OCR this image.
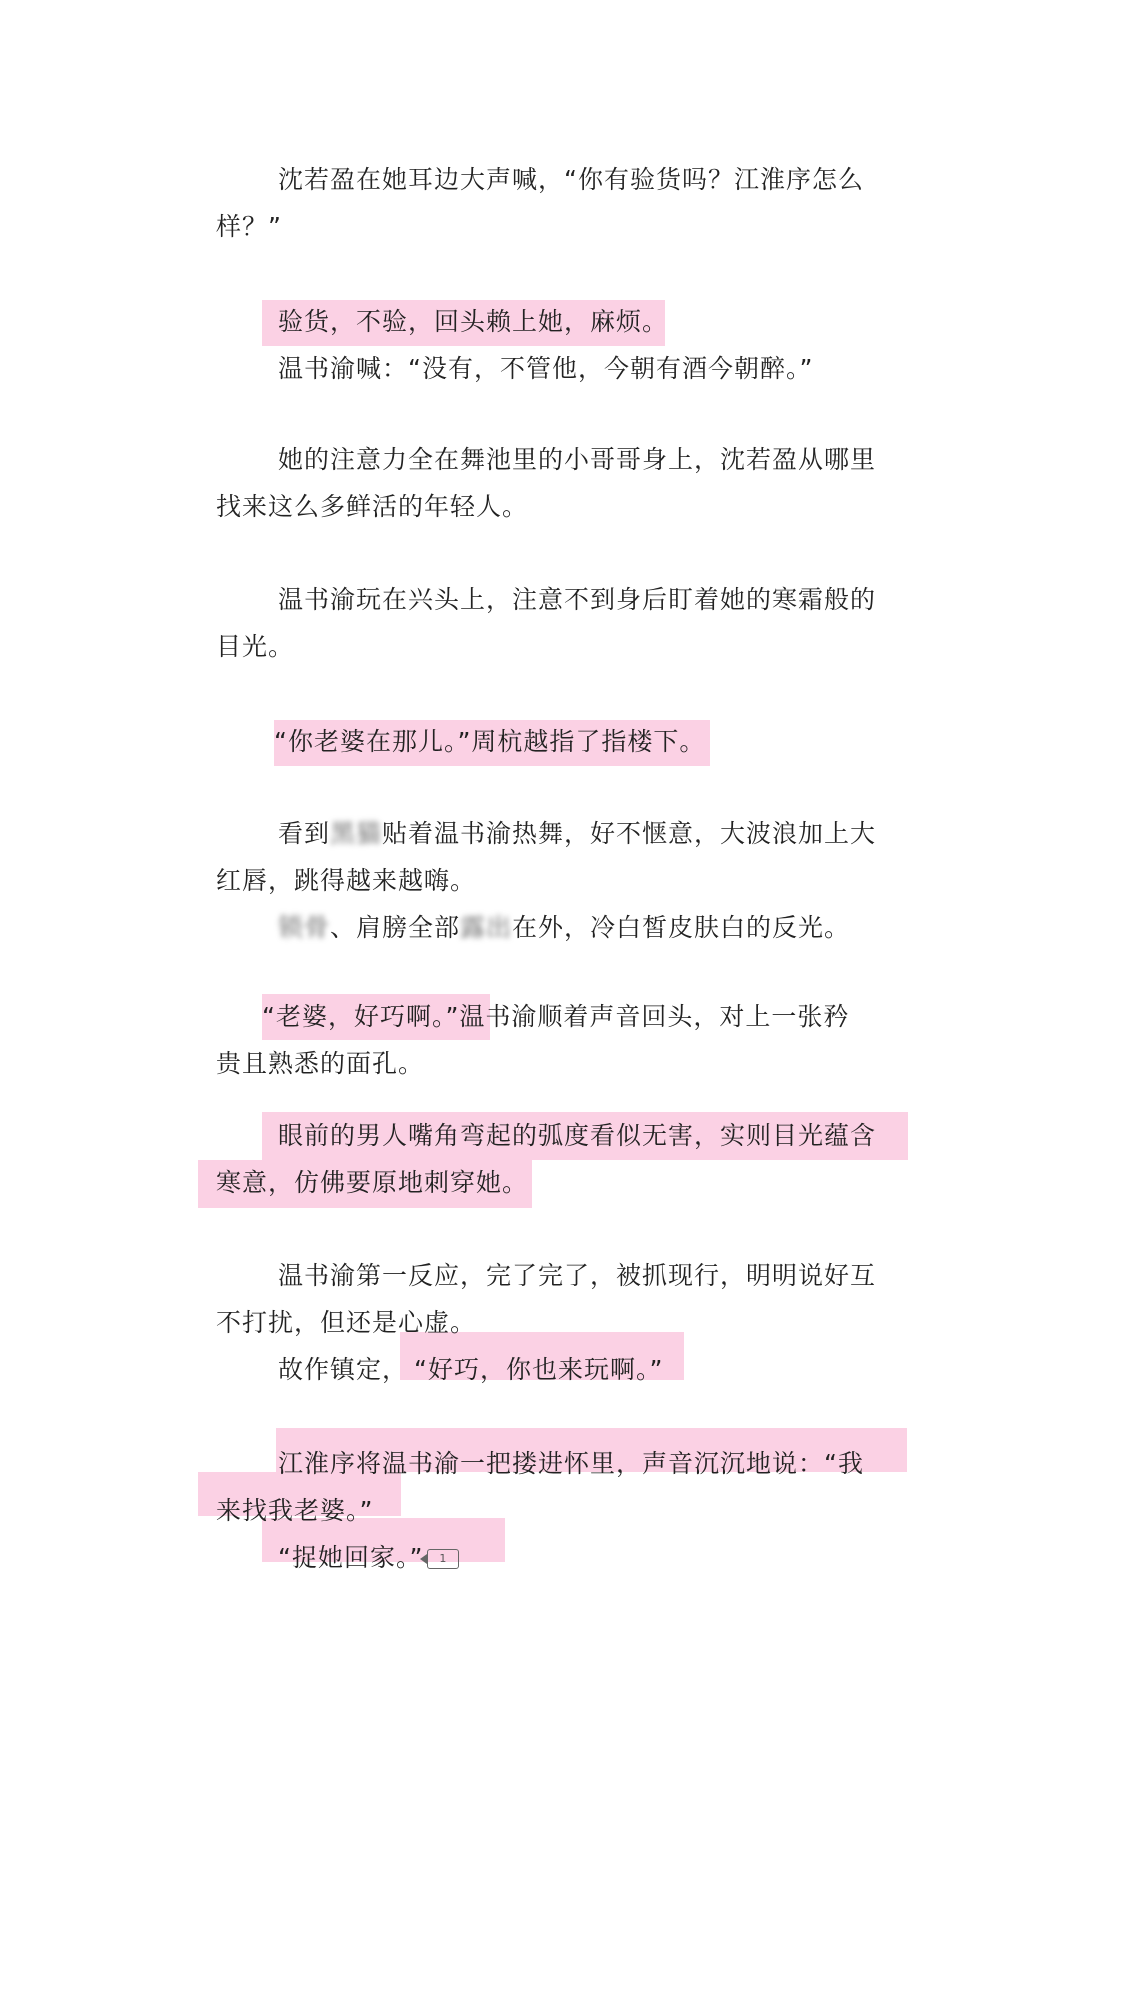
沈若盈在她耳边大声喊，“你有验货吗？江淮序怎么
样？”
验货，不验，回头赖上她，麻烦。
温书渝喊：“没有，不管他，今朝有酒今朝醉。”
她的注意力全在舞池里的小哥哥身上，沈若盈从哪里
找来这么多鲜活的年轻人。
温书渝玩在兴头上，注意不到身后盯着她的寒霜般的
目光。
“你老婆在那儿。”周杭越指了指楼下。
看到黑猫贴着温书渝热舞，好不惬意，大波浪加上大
红唇，跳得越来越嗨。
锁骨、肩膀全部露出在外，冷白皙皮肤白的反光。
“老婆，好巧啊。”温书渝顺着声音回头，对上一张矜
贵且熟悉的面孔。
眼前的男人嘴角弯起的弧度看似无害，实则目光蕴含
寒意，仿佛要原地刺穿她。
温书渝第一反应，完了完了，被抓现行，明明说好互
不打扰，但还是心虚。
故作镇定， “好巧，你也来玩啊。”
江淮序将温书渝一把搂进怀里，声音沉沉地说：“我
来找我老婆。”
“捉她回家。” 1
